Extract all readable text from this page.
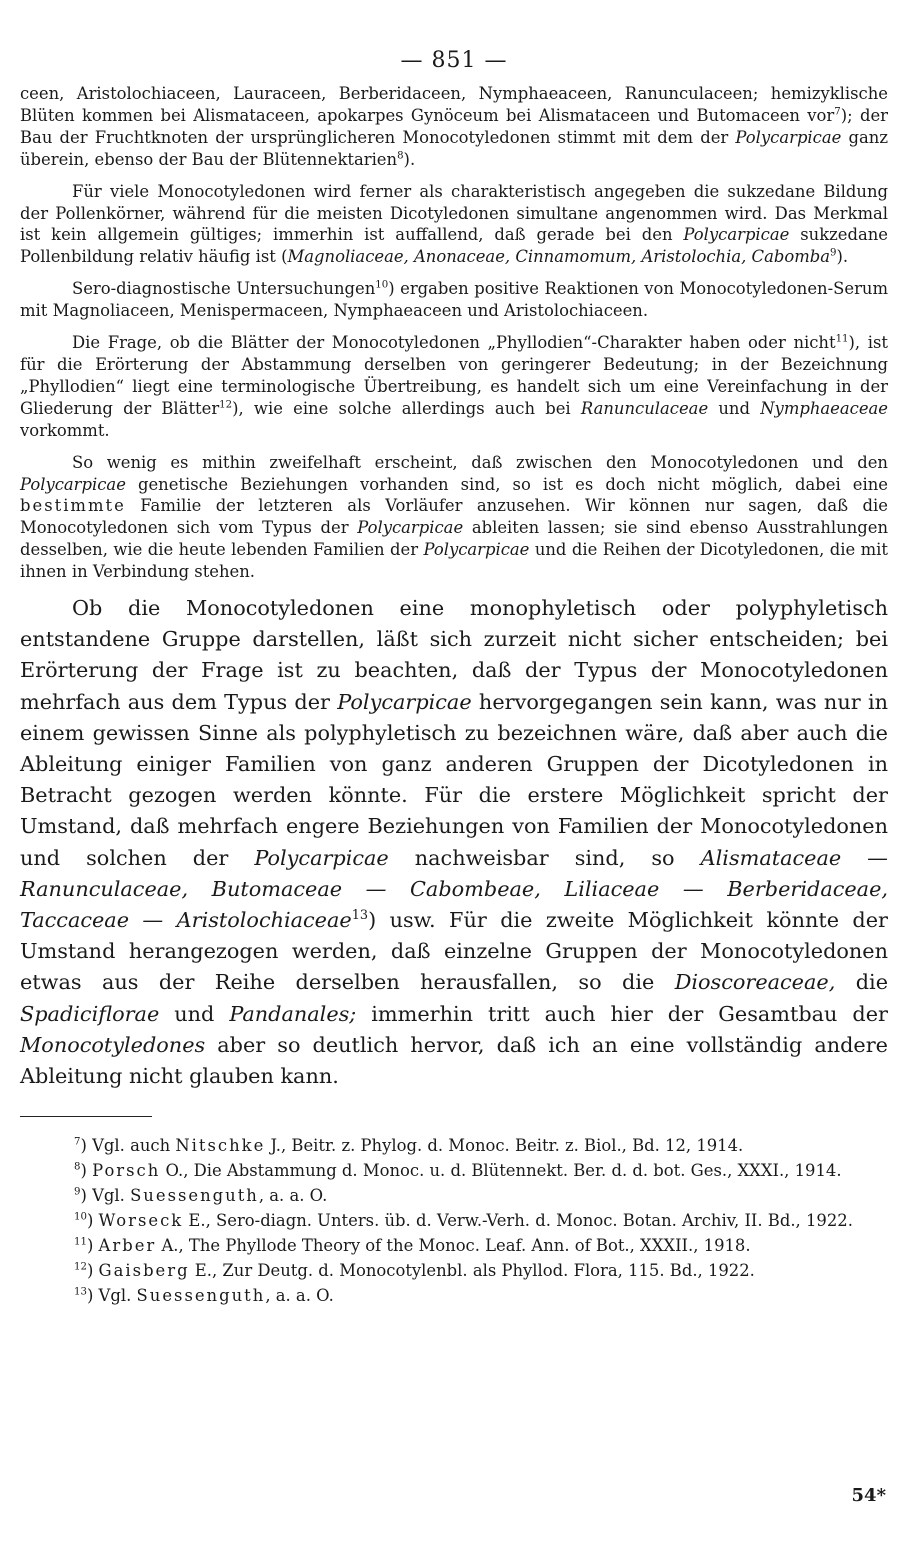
— 851 —

ceen, Aristolochiaceen, Lauraceen, Berberidaceen, Nymphaeaceen, Ranunculaceen; hemizyklische Blüten kommen bei Alismataceen, apokarpes Gynöceum bei Alismataceen und Butomaceen vor$^7$); der Bau der Fruchtknoten der ursprünglicheren Monocotyledonen stimmt mit dem der Polycarpicae ganz überein, ebenso der Bau der Blütennektarien$^8$).

Für viele Monocotyledonen wird ferner als charakteristisch angegeben die sukzedane Bildung der Pollenkörner, während für die meisten Dicotyledonen simultane angenommen wird. Das Merkmal ist kein allgemein gültiges; immerhin ist auffallend, daß gerade bei den Polycarpicae sukzedane Pollenbildung relativ häufig ist (Magnoliaceae, Anonaceae, Cinnamomum, Aristolochia, Cabomba$^9$).

Sero-diagnostische Untersuchungen$^{10}$) ergaben positive Reaktionen von Monocotyledonen-Serum mit Magnoliaceen, Menispermaceen, Nymphaeaceen und Aristolochiaceen.

Die Frage, ob die Blätter der Monocotyledonen „Phyllodien“-Charakter haben oder nicht$^{11}$), ist für die Erörterung der Abstammung derselben von geringerer Bedeutung; in der Bezeichnung „Phyllodien“ liegt eine terminologische Übertreibung, es handelt sich um eine Vereinfachung in der Gliederung der Blätter$^{12}$), wie eine solche allerdings auch bei Ranunculaceae und Nymphaeaceae vorkommt.

So wenig es mithin zweifelhaft erscheint, daß zwischen den Monocotyledonen und den Polycarpicae genetische Beziehungen vorhanden sind, so ist es doch nicht möglich, dabei eine bestimmte Familie der letzteren als Vorläufer anzusehen. Wir können nur sagen, daß die Monocotyledonen sich vom Typus der Polycarpicae ableiten lassen; sie sind ebenso Ausstrahlungen desselben, wie die heute lebenden Familien der Polycarpicae und die Reihen der Dicotyledonen, die mit ihnen in Verbindung stehen.

Ob die Monocotyledonen eine monophyletisch oder polyphyletisch entstandene Gruppe darstellen, läßt sich zurzeit nicht sicher entscheiden; bei Erörterung der Frage ist zu beachten, daß der Typus der Monocotyledonen mehrfach aus dem Typus der Polycarpicae hervorgegangen sein kann, was nur in einem gewissen Sinne als polyphyletisch zu bezeichnen wäre, daß aber auch die Ableitung einiger Familien von ganz anderen Gruppen der Dicotyledonen in Betracht gezogen werden könnte. Für die erstere Möglichkeit spricht der Umstand, daß mehrfach engere Beziehungen von Familien der Monocotyledonen und solchen der Polycarpicae nachweisbar sind, so Alismataceae — Ranunculaceae, Butomaceae — Cabombeae, Liliaceae — Berberidaceae, Taccaceae — Aristolochiaceae$^{13}$) usw. Für die zweite Möglichkeit könnte der Umstand herangezogen werden, daß einzelne Gruppen der Monocotyledonen etwas aus der Reihe derselben herausfallen, so die Dioscoreaceae, die Spadiciflorae und Pandanales; immerhin tritt auch hier der Gesamtbau der Monocotyledones aber so deutlich hervor, daß ich an eine vollständig andere Ableitung nicht glauben kann.

$^7$) Vgl. auch Nitschke J., Beitr. z. Phylog. d. Monoc. Beitr. z. Biol., Bd. 12, 1914.

$^8$) Porsch O., Die Abstammung d. Monoc. u. d. Blütennekt. Ber. d. d. bot. Ges., XXXI., 1914.

$^9$) Vgl. Suessenguth, a. a. O.

$^{10}$) Worseck E., Sero-diagn. Unters. üb. d. Verw.-Verh. d. Monoc. Botan. Archiv, II. Bd., 1922.

$^{11}$) Arber A., The Phyllode Theory of the Monoc. Leaf. Ann. of Bot., XXXII., 1918.

$^{12}$) Gaisberg E., Zur Deutg. d. Monocotylenbl. als Phyllod. Flora, 115. Bd., 1922.

$^{13}$) Vgl. Suessenguth, a. a. O.

54*
